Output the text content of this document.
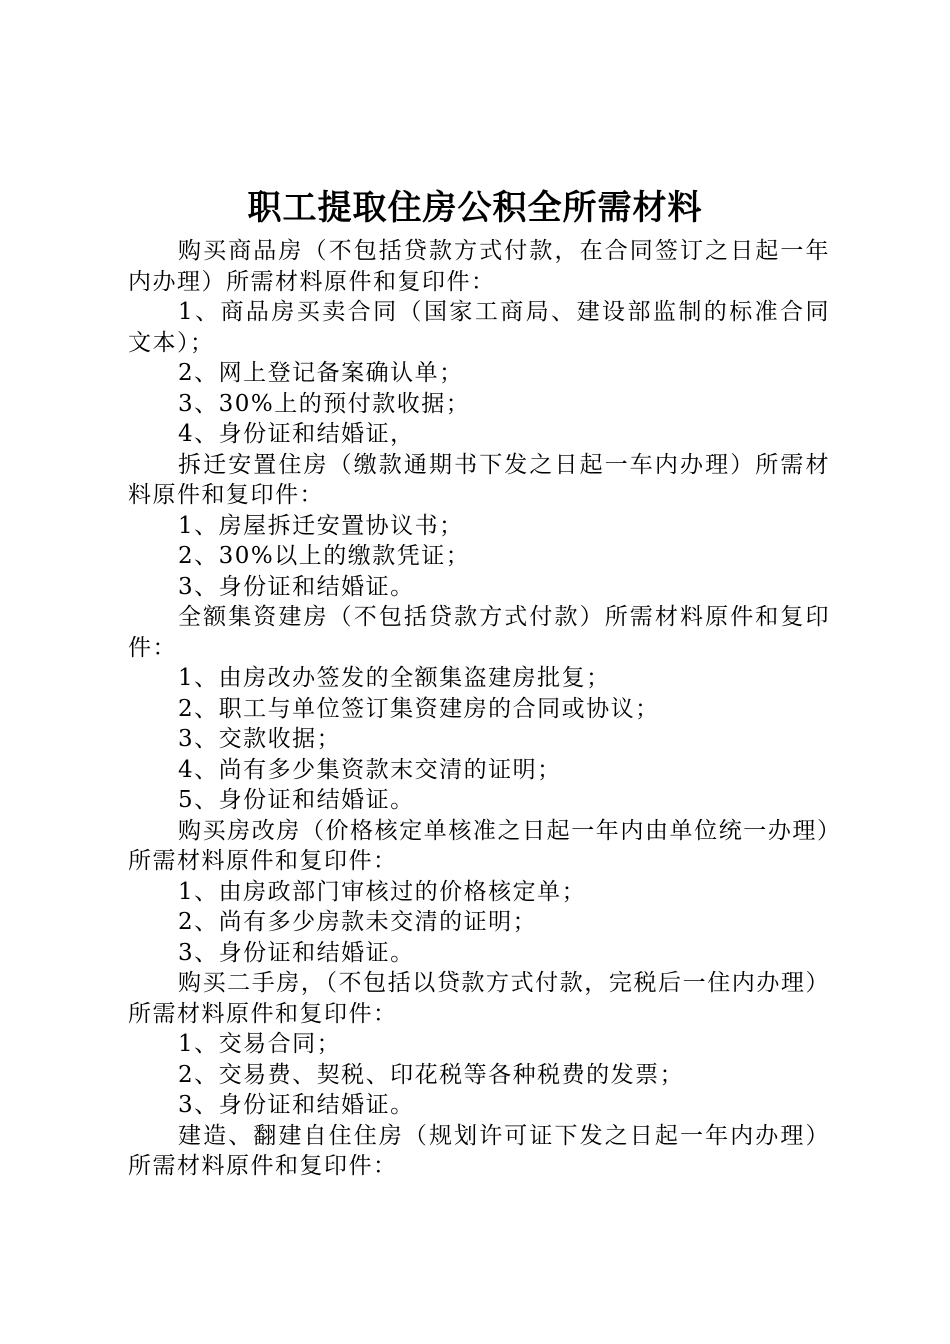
职工提取住房公积全所需材料

购买商品房（不包括贷款方式付款，在合同签订之日起一年内办理）所需材料原件和复印件：

1、商品房买卖合同（国家工商局、建设部监制的标准合同文本）；

2、网上登记备案确认单；

3、30%上的预付款收据；

4、身份证和结婚证，

拆迁安置住房（缴款通期书下发之日起一车内办理）所需材料原件和复印件：

1、房屋拆迁安置协议书；

2、30%以上的缴款凭证；

3、身份证和结婚证。

全额集资建房（不包括贷款方式付款）所需材料原件和复印件：

1、由房改办签发的全额集盗建房批复；

2、职工与单位签订集资建房的合同或协议；

3、交款收据；

4、尚有多少集资款末交清的证明；

5、身份证和结婚证。

购买房改房（价格核定单核准之日起一年内由单位统一办理）所需材料原件和复印件：

1、由房政部门审核过的价格核定单；

2、尚有多少房款未交清的证明；

3、身份证和结婚证。

购买二手房，（不包括以贷款方式付款，完税后一住内办理）所需材料原件和复印件：

1、交易合同；

2、交易费、契税、印花税等各种税费的发票；

3、身份证和结婚证。

建造、翻建自住住房（规划许可证下发之日起一年内办理）所需材料原件和复印件：
